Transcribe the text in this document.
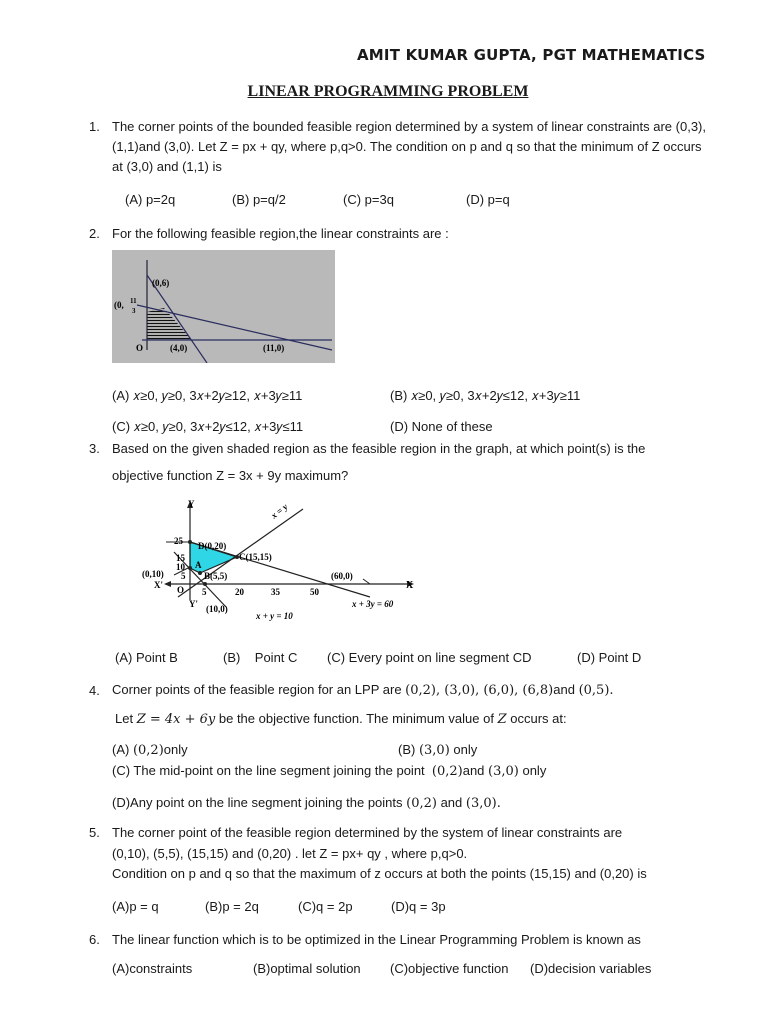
AMIT KUMAR GUPTA, PGT MATHEMATICS
LINEAR PROGRAMMING PROBLEM
1. The corner points of the bounded feasible region determined by a system of linear constraints are (0,3),(1,1)and (3,0). Let Z = px + qy, where p,q>0. The condition on p and q so that the minimum of Z occurs at (3,0) and (1,1) is
(A) p=2q	(B) p=q/2	(C) p=3q	(D) p=q
2. For the following feasible region,the linear constraints are :
(0,6)
(0, 11
3
O	(4,0)	(11,0)
(A) 𝑥≥0, 𝑦≥0, 3𝑥+2𝑦≥12, 𝑥+3𝑦≥11	(B) 𝑥≥0, 𝑦≥0, 3𝑥+2𝑦≤12, 𝑥+3𝑦≥11
(C) 𝑥≥0, 𝑦≥0, 3𝑥+2𝑦≤12, 𝑥+3𝑦≤11	(D) None of these
3. Based on the given shaded region as the feasible region in the graph, at which point(s) is the
objective function Z = 3x + 9y maximum?
Y
X
X'
Y'
O
25
15
10
5
5	20	35	50
D(0,20)
C(15,15)
A
B(5,5)
(0,10)	(60,0)
(10,0)
x = y
x + 3y = 60
x + y = 10
(A) Point B	(B)    Point C (C) Every point on line segment CD	(D) Point D
4. Corner points of the feasible region for an LPP are (0,2), (3,0), (6,0), (6,8)and (0,5).
Let Z = 4x + 6y be the objective function. The minimum value of Z occurs at:
(A) (0,2)only	(B) (3,0) only
(C) The mid-point on the line segment joining the point  (0,2)and (3,0) only
(D)Any point on the line segment joining the points (0,2) and (3,0).
5. The corner point of the feasible region determined by the system of linear constraints are
(0,10), (5,5), (15,15) and (0,20) . let Z = px+ qy , where p,q>0.
Condition on p and q so that the maximum of z occurs at both the points (15,15) and (0,20) is
(A)p = q	(B)p = 2q	(C)q = 2p	(D)q = 3p
6. The linear function which is to be optimized in the Linear Programming Problem is known as
(A)constraints	(B)optimal solution (C)objective function (D)decision variables
